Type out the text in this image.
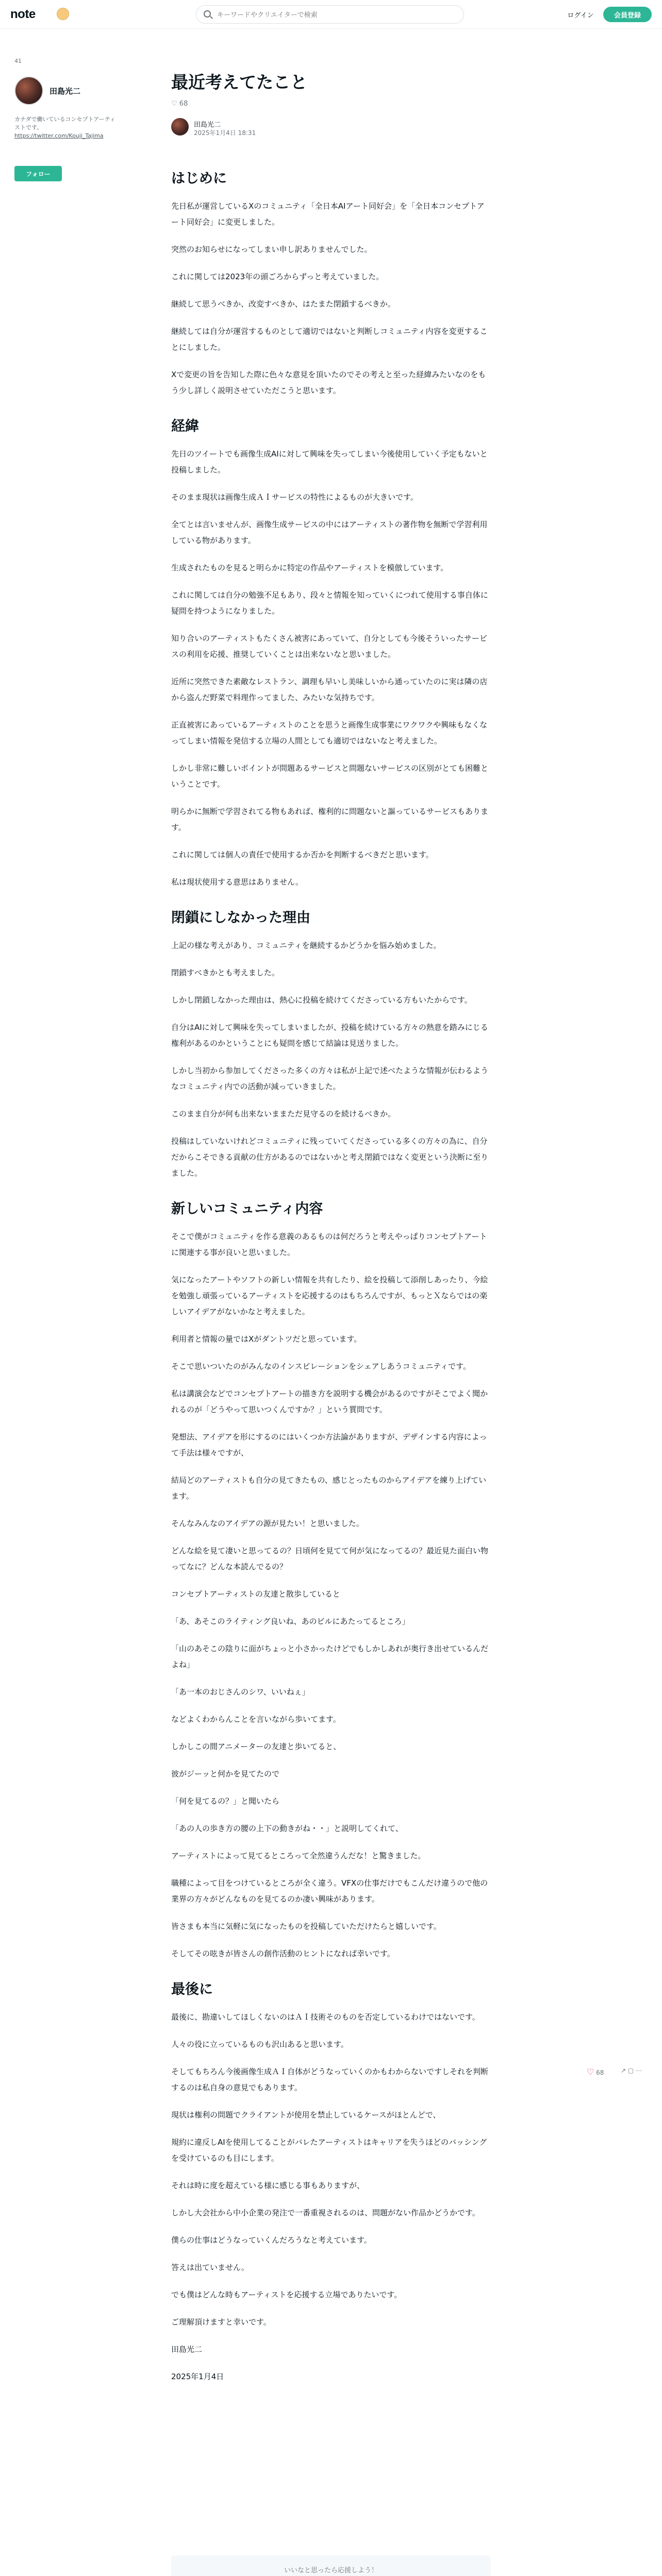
note
キーワードやクリエイターで検索	ログイン	会員登録
41
田島光二
カナダで働いているコンセプトアーティストです。
https://twitter.com/Kouji_Tajima
フォロー
最近考えてたこと
♡ 68
田島光二
2025年1月4日 18:31
はじめに

先日私が運営しているXのコミュニティ「全日本AIアート同好会」を「全日本コンセプトアート同好会」に変更しました。

突然のお知らせになってしまい申し訳ありませんでした。

これに関しては2023年の頭ごろからずっと考えていました。

継続して思うべきか、改変すべきか、はたまた閉鎖するべきか。

継続しては自分が運営するものとして適切ではないと判断しコミュニティ内容を変更することにしました。

Xで変更の旨を告知した際に色々な意見を頂いたのでその考えと至った経緯みたいなのをもう少し詳しく説明させていただこうと思います。

経緯

先日のツイートでも画像生成AIに対して興味を失ってしまい今後使用していく予定もないと投稿しました。

そのまま現状は画像生成ＡＩサービスの特性によるものが大きいです。

全てとは言いませんが、画像生成サービスの中にはアーティストの著作物を無断で学習利用している物があります。

生成されたものを見ると明らかに特定の作品やアーティストを模倣しています。

これに関しては自分の勉強不足もあり、段々と情報を知っていくにつれて使用する事自体に疑問を持つようになりました。

知り合いのアーティストもたくさん被害にあっていて、自分としても今後そういったサービスの利用を応援、推奨していくことは出来ないなと思いました。

近所に突然できた素敵なレストラン、調理も早いし美味しいから通っていたのに実は隣の店から盗んだ野菜で料理作ってました、みたいな気持ちです。

正直被害にあっているアーティストのことを思うと画像生成事業にワクワクや興味もなくなってしまい情報を発信する立場の人間としても適切ではないなと考えました。

しかし非常に難しいポイントが問題あるサービスと問題ないサービスの区別がとても困難ということです。

明らかに無断で学習されてる物もあれば、権利的に問題ないと謳っているサービスもあります。

これに関しては個人の責任で使用するか否かを判断するべきだと思います。

私は現状使用する意思はありません。

閉鎖にしなかった理由

上記の様な考えがあり、コミュニティを継続するかどうかを悩み始めました。

閉鎖すべきかとも考えました。

しかし閉鎖しなかった理由は、熱心に投稿を続けてくださっている方もいたからです。

自分はAIに対して興味を失ってしまいましたが、投稿を続けている方々の熱意を踏みにじる権利があるのかということにも疑問を感じて結論は見送りました。

しかし当初から参加してくださった多くの方々は私が上記で述べたような情報が伝わるようなコミュニティ内での活動が減っていきました。

このまま自分が何も出来ないままただ見守るのを続けるべきか。

投稿はしていないけれどコミュニティに残っていてくださっている多くの方々の為に、自分だからこそできる貢献の仕方があるのではないかと考え閉鎖ではなく変更という決断に至りました。

新しいコミュニティ内容

そこで僕がコミュニティを作る意義のあるものは何だろうと考えやっぱりコンセプトアートに関連する事が良いと思いました。

気になったアートやソフトの新しい情報を共有したり、絵を投稿して添削しあったり、今絵を勉強し頑張っているアーティストを応援するのはもちろんですが、もっとＸならではの楽しいアイデアがないかなと考えました。

利用者と情報の量ではXがダントツだと思っています。

そこで思いついたのがみんなのインスピレーションをシェアしあうコミュニティです。

私は講演会などでコンセプトアートの描き方を説明する機会があるのですがそこでよく聞かれるのが「どうやって思いつくんですか？」という質問です。

発想法、アイデアを形にするのにはいくつか方法論がありますが、デザインする内容によって手法は様々ですが、

結局どのアーティストも自分の見てきたもの、感じとったものからアイデアを練り上げています。

そんなみんなのアイデアの源が見たい！と思いました。

どんな絵を見て凄いと思ってるの？日頃何を見てて何が気になってるの？最近見た面白い物ってなに？どんな本読んでるの？

コンセプトアーティストの友達と散歩していると

「あ、あそこのライティング良いね、あのビルにあたってるところ」

「山のあそこの陰りに面がちょっと小さかったけどでもしかしあれが奥行き出せているんだよね」

「あ一本のおじさんのシワ、いいねぇ」

などよくわからんことを言いながら歩いてます。

しかしこの間アニメーターの友達と歩いてると、

彼がジーッと何かを見てたので

「何を見てるの？」と聞いたら

「あの人の歩き方の腰の上下の動きがね・・」と説明してくれて、

アーティストによって見てるところって全然違うんだな！と驚きました。

職種によって目をつけているところが全く違う。VFXの仕事だけでもこんだけ違うので他の業界の方々がどんなものを見てるのか凄い興味があります。

皆さまも本当に気軽に気になったものを投稿していただけたらと嬉しいです。

そしてその呟きが皆さんの創作活動のヒントになれば幸いです。

最後に

最後に、勘違いしてほしくないのはＡＩ技術そのものを否定しているわけではないです。

人々の役に立っているものも沢山あると思います。

そしてもちろん今後画像生成ＡＩ自体がどうなっていくのかもわからないですしそれを判断するのは私自身の意見でもあります。

現状は権利の問題でクライアントが使用を禁止しているケースがほとんどで、

規約に違反しAIを使用してることがバレたアーティストはキャリアを失うほどのバッシングを受けているのも目にします。

それは時に度を超えている様に感じる事もありますが、

しかし大会社から中小企業の発注で一番重視されるのは、問題がない作品かどうかです。

僕らの仕事はどうなっていくんだろうなと考えています。

答えは出ていません。

でも僕はどんな時もアーティストを応援する立場でありたいです。

ご理解頂けますと幸いです。

田島光二

2025年1月4日

♡ 68	↗ ▢ ⋯
いいなと思ったら応援しよう！
